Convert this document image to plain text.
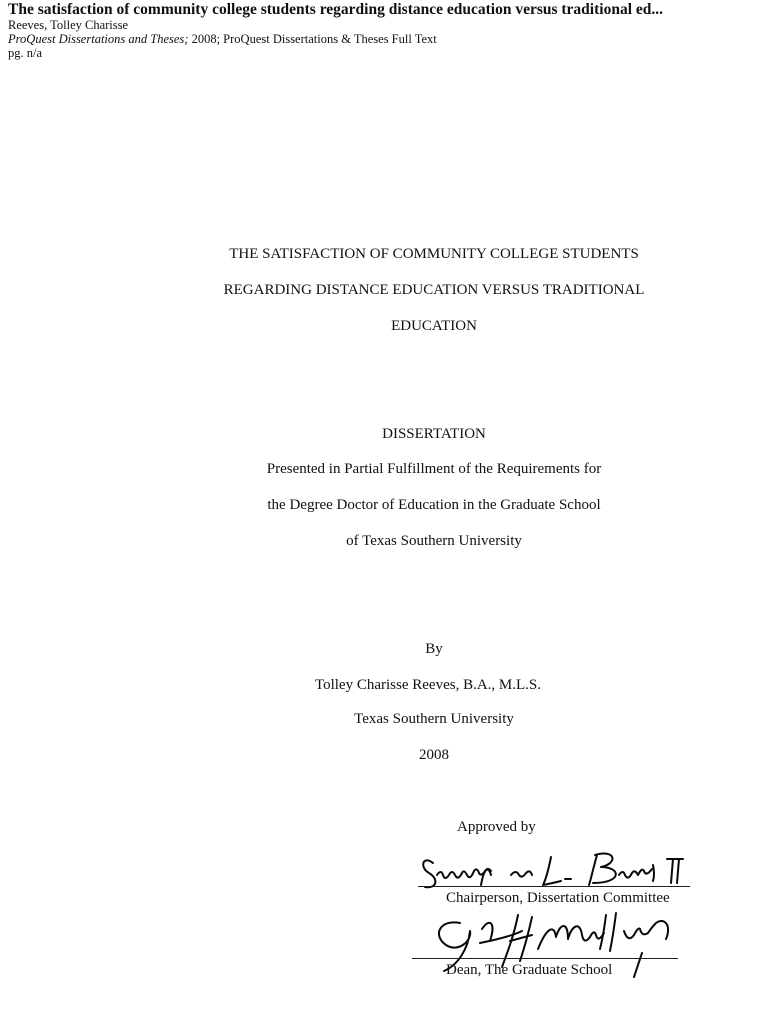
The satisfaction of community college students regarding distance education versus traditional ed...
Reeves, Tolley Charisse
ProQuest Dissertations and Theses; 2008; ProQuest Dissertations & Theses Full Text
pg. n/a
THE SATISFACTION OF COMMUNITY COLLEGE STUDENTS
REGARDING DISTANCE EDUCATION VERSUS TRADITIONAL
EDUCATION
DISSERTATION
Presented in Partial Fulfillment of the Requirements for
the Degree Doctor of Education in the Graduate School
of Texas Southern University
By
Tolley Charisse Reeves, B.A., M.L.S.
Texas Southern University
2008
Approved by
Chairperson, Dissertation Committee
Dean, The Graduate School
